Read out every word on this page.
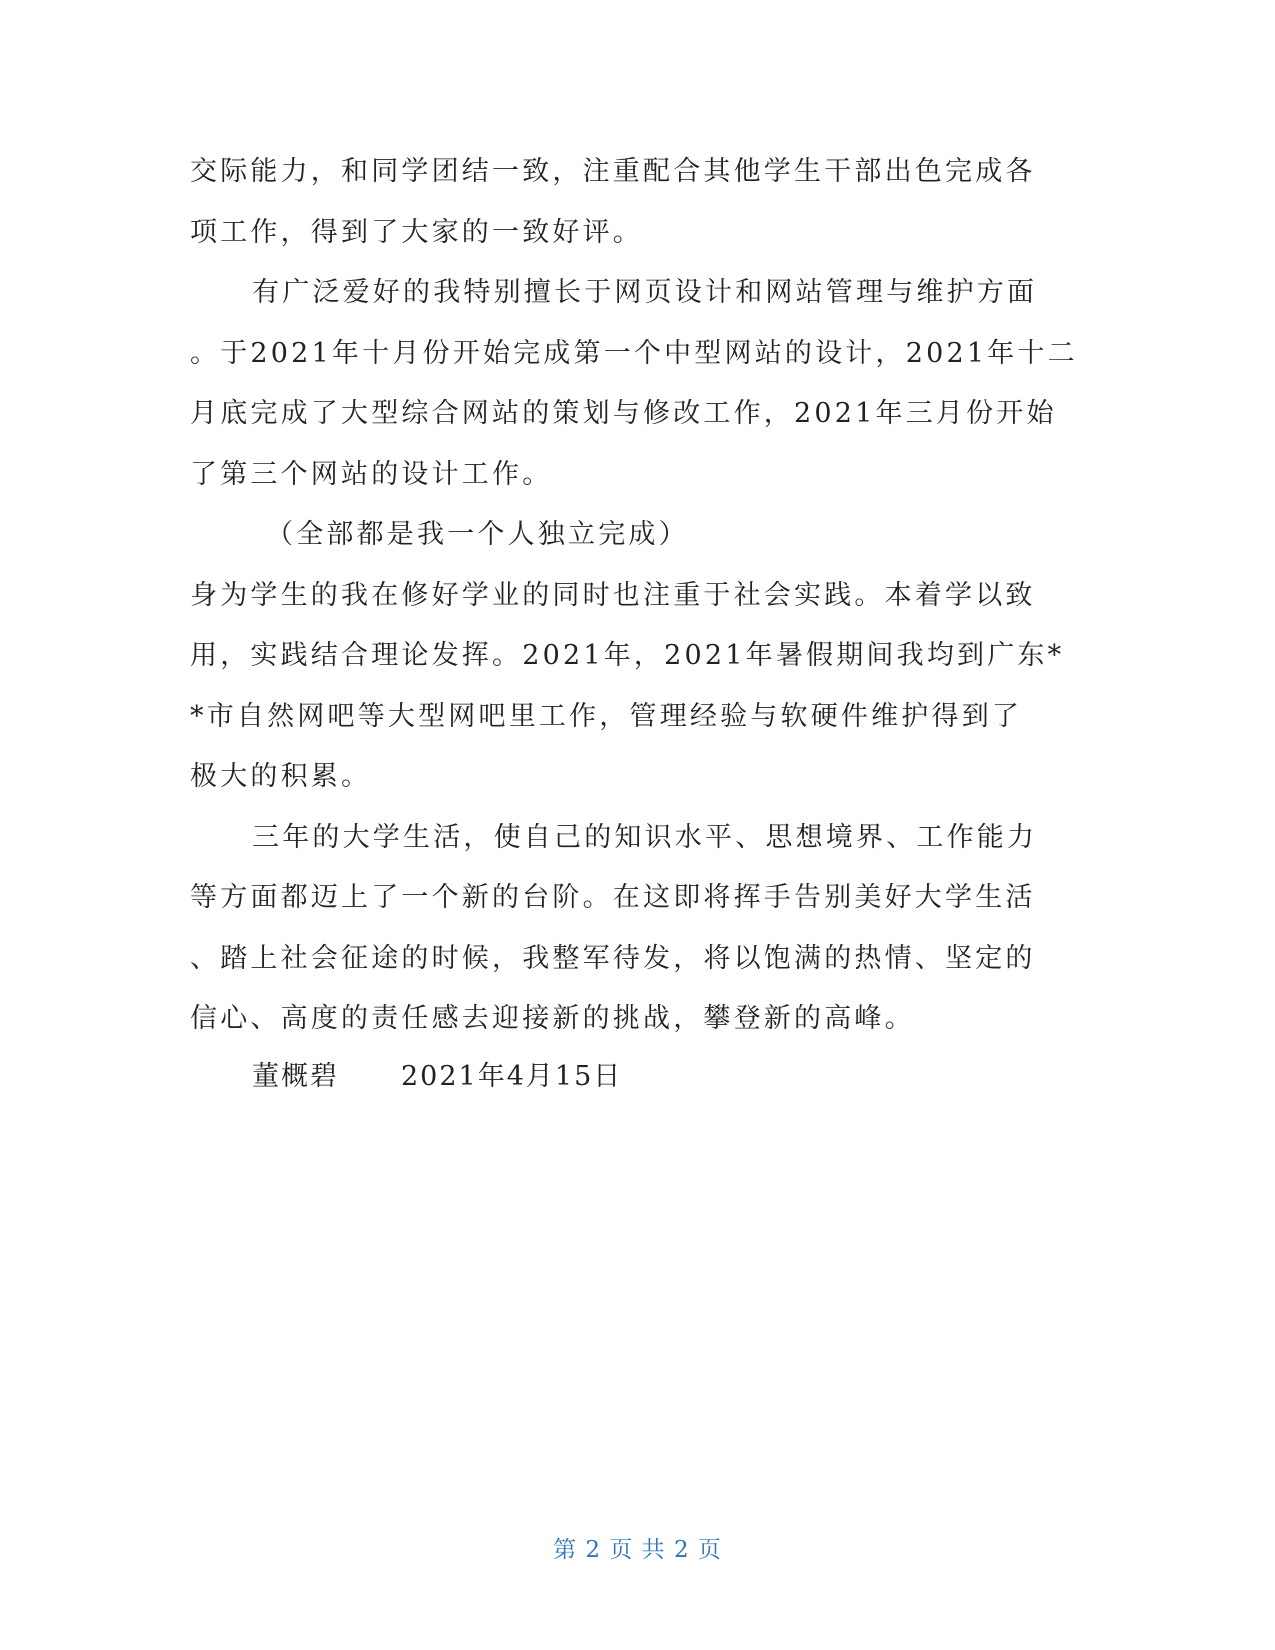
交际能力，和同学团结一致，注重配合其他学生干部出色完成各
项工作，得到了大家的一致好评。
有广泛爱好的我特别擅长于网页设计和网站管理与维护方面
。于2021年十月份开始完成第一个中型网站的设计，2021年十二
月底完成了大型综合网站的策划与修改工作，2021年三月份开始
了第三个网站的设计工作。
（全部都是我一个人独立完成）
身为学生的我在修好学业的同时也注重于社会实践。本着学以致
用，实践结合理论发挥。2021年，2021年暑假期间我均到广东*
*市自然网吧等大型网吧里工作，管理经验与软硬件维护得到了
极大的积累。
三年的大学生活，使自己的知识水平、思想境界、工作能力
等方面都迈上了一个新的台阶。在这即将挥手告别美好大学生活
、踏上社会征途的时候，我整军待发，将以饱满的热情、坚定的
信心、高度的责任感去迎接新的挑战，攀登新的高峰。
董概碧 2021年4月15日
第 2 页 共 2 页
